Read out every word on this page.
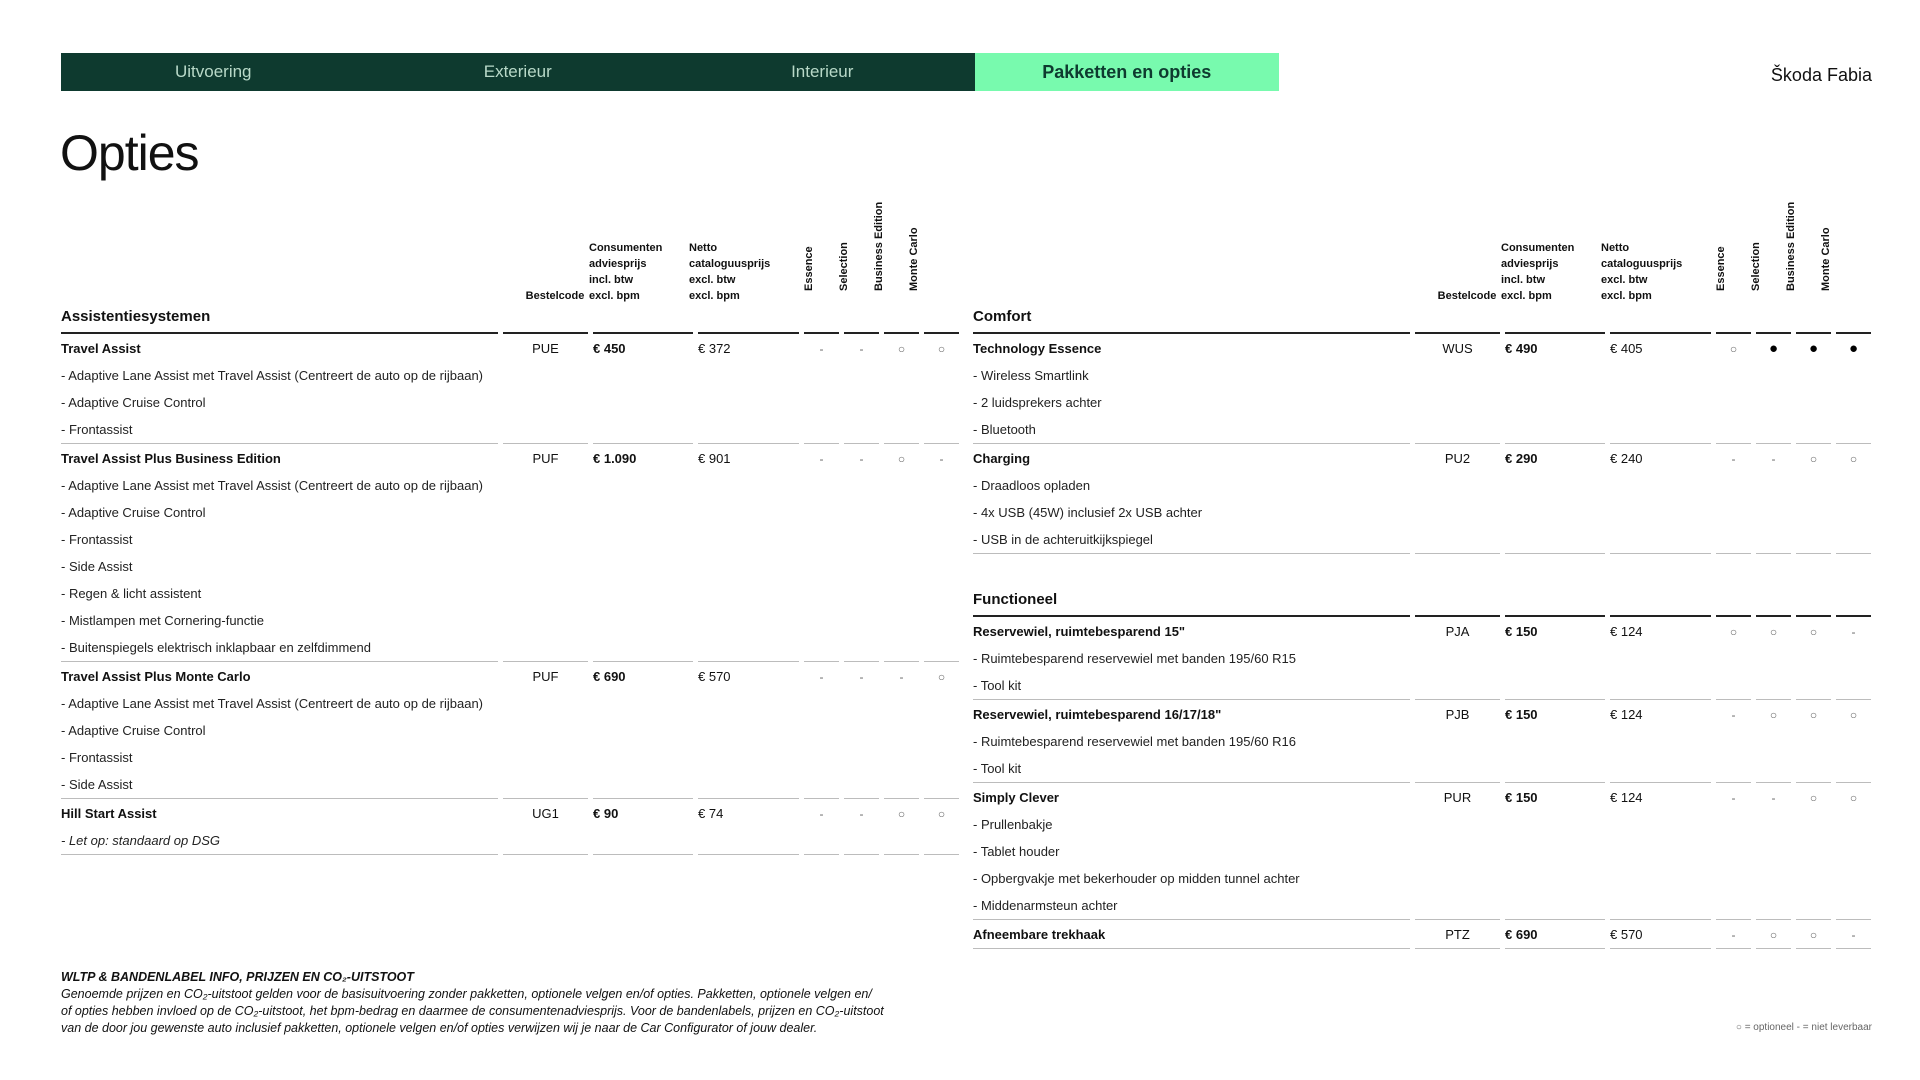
Uitvoering	Exterieur	Interieur	Pakketten en opties	Škoda Fabia
Opties
Bestelcode
Consumenten
adviesprijs
incl. btw
excl. bpm
Netto
cataloguusprijs
excl. btw
excl. bpm
Essence Selection Business Edition Monte Carlo
Assistentiesystemen
Travel Assist	PUE	€ 450	€ 372	-	-	○	○
- Adaptive Lane Assist met Travel Assist (Centreert de auto op de rijbaan)
- Adaptive Cruise Control
- Frontassist
Travel Assist Plus Business Edition	PUF	€ 1.090	€ 901	-	-	○	-
- Adaptive Lane Assist met Travel Assist (Centreert de auto op de rijbaan)
- Adaptive Cruise Control
- Frontassist
- Side Assist
- Regen & licht assistent
- Mistlampen met Cornering-functie
- Buitenspiegels elektrisch inklapbaar en zelfdimmend
Travel Assist Plus Monte Carlo	PUF	€ 690	€ 570	-	-	-	○
- Adaptive Lane Assist met Travel Assist (Centreert de auto op de rijbaan)
- Adaptive Cruise Control
- Frontassist
- Side Assist
Hill Start Assist	UG1	€ 90	€ 74	-	-	○	○
- Let op: standaard op DSG
Bestelcode
Consumenten
adviesprijs
incl. btw
excl. bpm
Netto
cataloguusprijs
excl. btw
excl. bpm
Essence Selection Business Edition Monte Carlo
Comfort
Technology Essence	WUS	€ 490	€ 405	○	●	●	●
- Wireless Smartlink
- 2 luidsprekers achter
- Bluetooth
Charging	PU2	€ 290	€ 240	-	-	○	○
- Draadloos opladen
- 4x USB (45W) inclusief 2x USB achter
- USB in de achteruitkijkspiegel
Functioneel
Reservewiel, ruimtebesparend 15"	PJA	€ 150	€ 124	○	○	○	-
- Ruimtebesparend reservewiel met banden 195/60 R15
- Tool kit
Reservewiel, ruimtebesparend 16/17/18"	PJB	€ 150	€ 124	-	○	○	○
- Ruimtebesparend reservewiel met banden 195/60 R16
- Tool kit
Simply Clever	PUR	€ 150	€ 124	-	-	○	○
- Prullenbakje
- Tablet houder
- Opbergvakje met bekerhouder op midden tunnel achter
- Middenarmsteun achter
Afneembare trekhaak	PTZ	€ 690	€ 570	-	○	○	-
WLTP & BANDENLABEL INFO, PRIJZEN EN CO₂-UITSTOOT
Genoemde prijzen en CO₂-uitstoot gelden voor de basisuitvoering zonder pakketten, optionele velgen en/of opties. Pakketten, optionele velgen en/
of opties hebben invloed op de CO₂-uitstoot, het bpm-bedrag en daarmee de consumentenadviesprijs. Voor de bandenlabels, prijzen en CO₂-uitstoot
van de door jou gewenste auto inclusief pakketten, optionele velgen en/of opties verwijzen wij je naar de Car Configurator of jouw dealer.	○ = optioneel - = niet leverbaar
